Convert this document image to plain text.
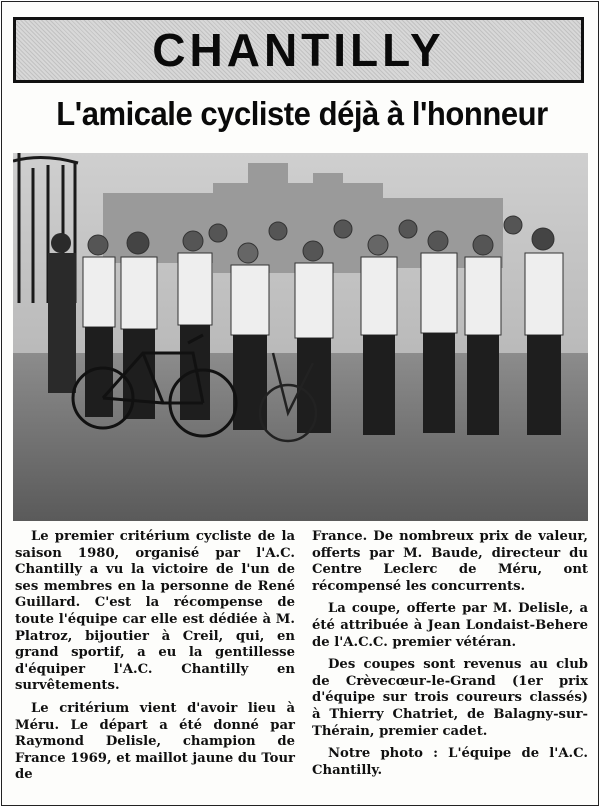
CHANTILLY
L'amicale cycliste déjà à l'honneur

Le premier critérium cycliste de la saison 1980, organisé par l'A.C. Chantilly a vu la victoire de l'un de ses membres en la personne de René Guillard. C'est la récompense de toute l'équipe car elle est dédiée à M. Platroz, bijoutier à Creil, qui, en grand sportif, a eu la gentillesse d'équiper l'A.C. Chantilly en survêtements.

Le critérium vient d'avoir lieu à Méru. Le départ a été donné par Raymond Delisle, champion de France 1969, et maillot jaune du Tour de

France. De nombreux prix de valeur, offerts par M. Baude, directeur du Centre Leclerc de Méru, ont récompensé les concurrents.

La coupe, offerte par M. Delisle, a été attribuée à Jean Londaist-Behere de l'A.C.C. premier vétéran.

Des coupes sont revenus au club de Crèvecœur-le-Grand (1er prix d'équipe sur trois coureurs classés) à Thierry Chatriet, de Balagny-sur-Thérain, premier cadet.

Notre photo : L'équipe de l'A.C. Chantilly.
